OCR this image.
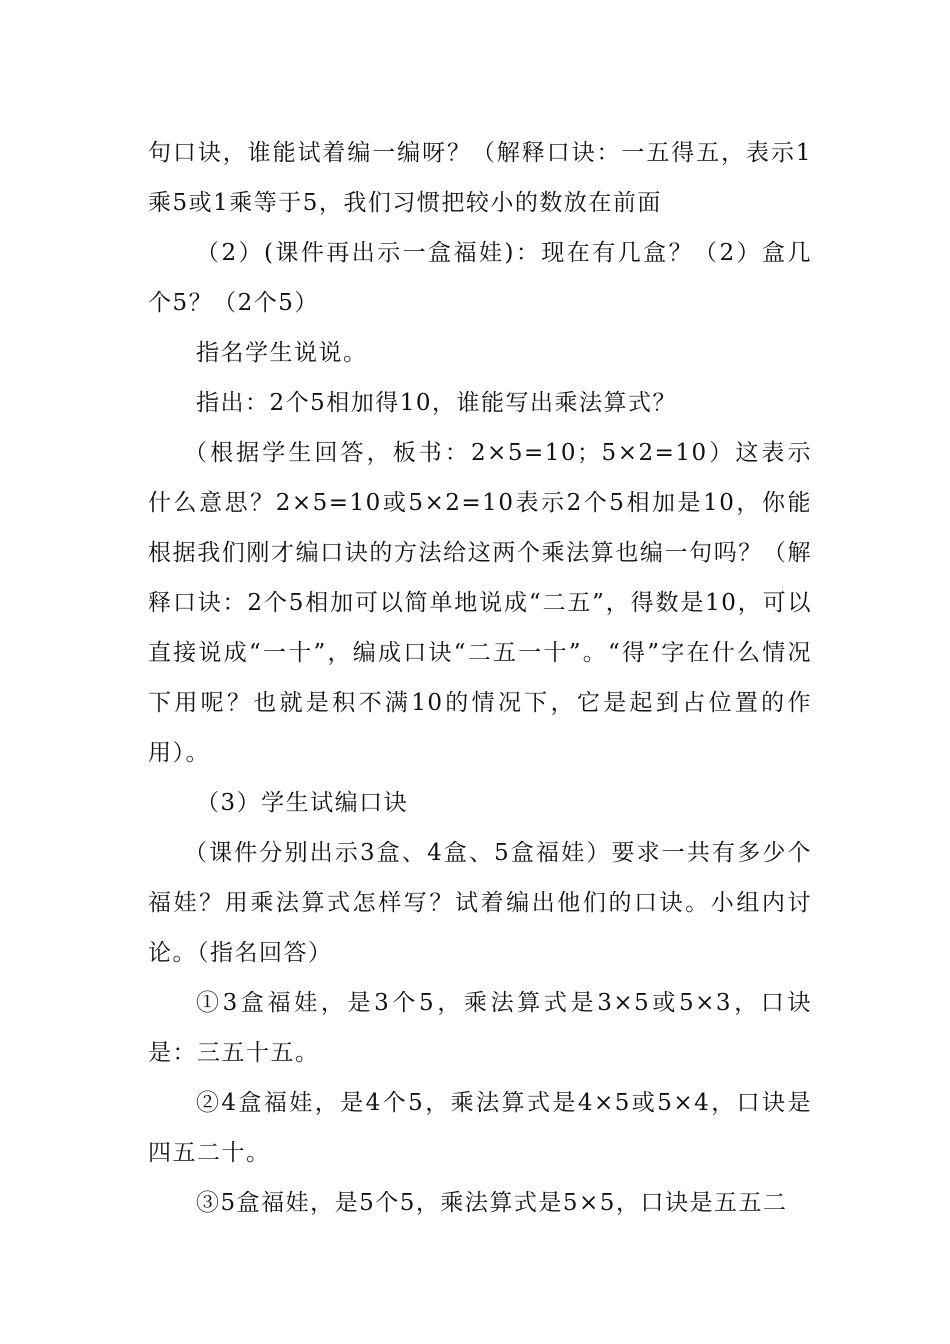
句口诀，谁能试着编一编呀？（解释口诀：一五得五，表示1乘5或1乘等于5，我们习惯把较小的数放在前面

（2）(课件再出示一盒福娃)：现在有几盒？（2）盒几个5？（2个5）

指名学生说说。

指出：2个5相加得10，谁能写出乘法算式？

（根据学生回答，板书：2×5=10；5×2=10）这表示什么意思？2×5=10或5×2=10表示2个5相加是10，你能根据我们刚才编口诀的方法给这两个乘法算也编一句吗？（解释口诀：2个5相加可以简单地说成“二五”，得数是10，可以直接说成“一十”，编成口诀“二五一十”。“得”字在什么情况下用呢？也就是积不满10的情况下，它是起到占位置的作用）。

（3）学生试编口诀

（课件分别出示3盒、4盒、5盒福娃）要求一共有多少个福娃？用乘法算式怎样写？试着编出他们的口诀。小组内讨论。（指名回答）

①3盒福娃，是3个5，乘法算式是3×5或5×3，口诀是：三五十五。

②4盒福娃，是4个5，乘法算式是4×5或5×4，口诀是四五二十。

③5盒福娃，是5个5，乘法算式是5×5，口诀是五五二
